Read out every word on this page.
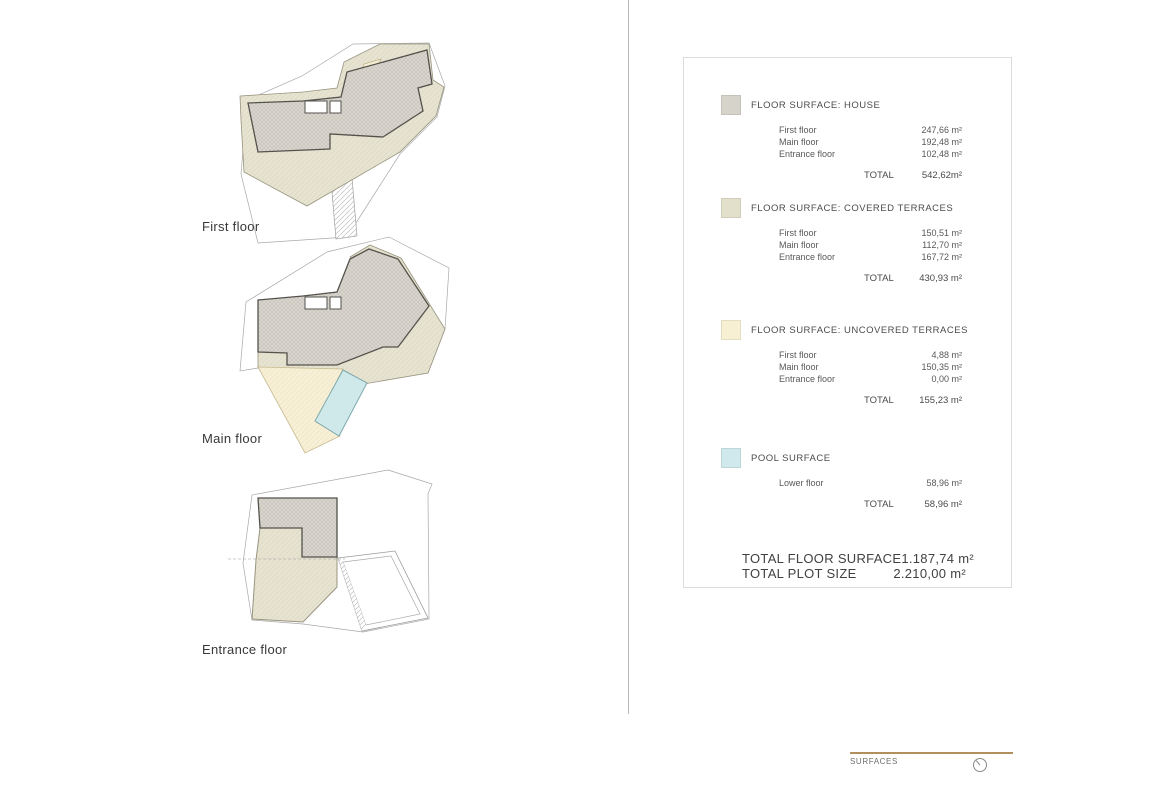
First floor
Main floor
Entrance floor
FLOOR SURFACE: HOUSE
First floor	247,66 m²
Main floor	192,48 m²
Entrance floor	102,48 m²
TOTAL	542,62m²
FLOOR SURFACE: COVERED TERRACES
First floor	150,51 m²
Main floor	112,70 m²
Entrance floor	167,72 m²
TOTAL	430,93 m²
FLOOR SURFACE: UNCOVERED TERRACES
First floor	4,88 m²
Main floor	150,35 m²
Entrance floor	0,00 m²
TOTAL	155,23 m²
POOL SURFACE
Lower floor	58,96 m²
TOTAL	58,96 m²
TOTAL FLOOR SURFACE 1.187,74 m²
TOTAL PLOT SIZE	2.210,00 m²
SURFACES
